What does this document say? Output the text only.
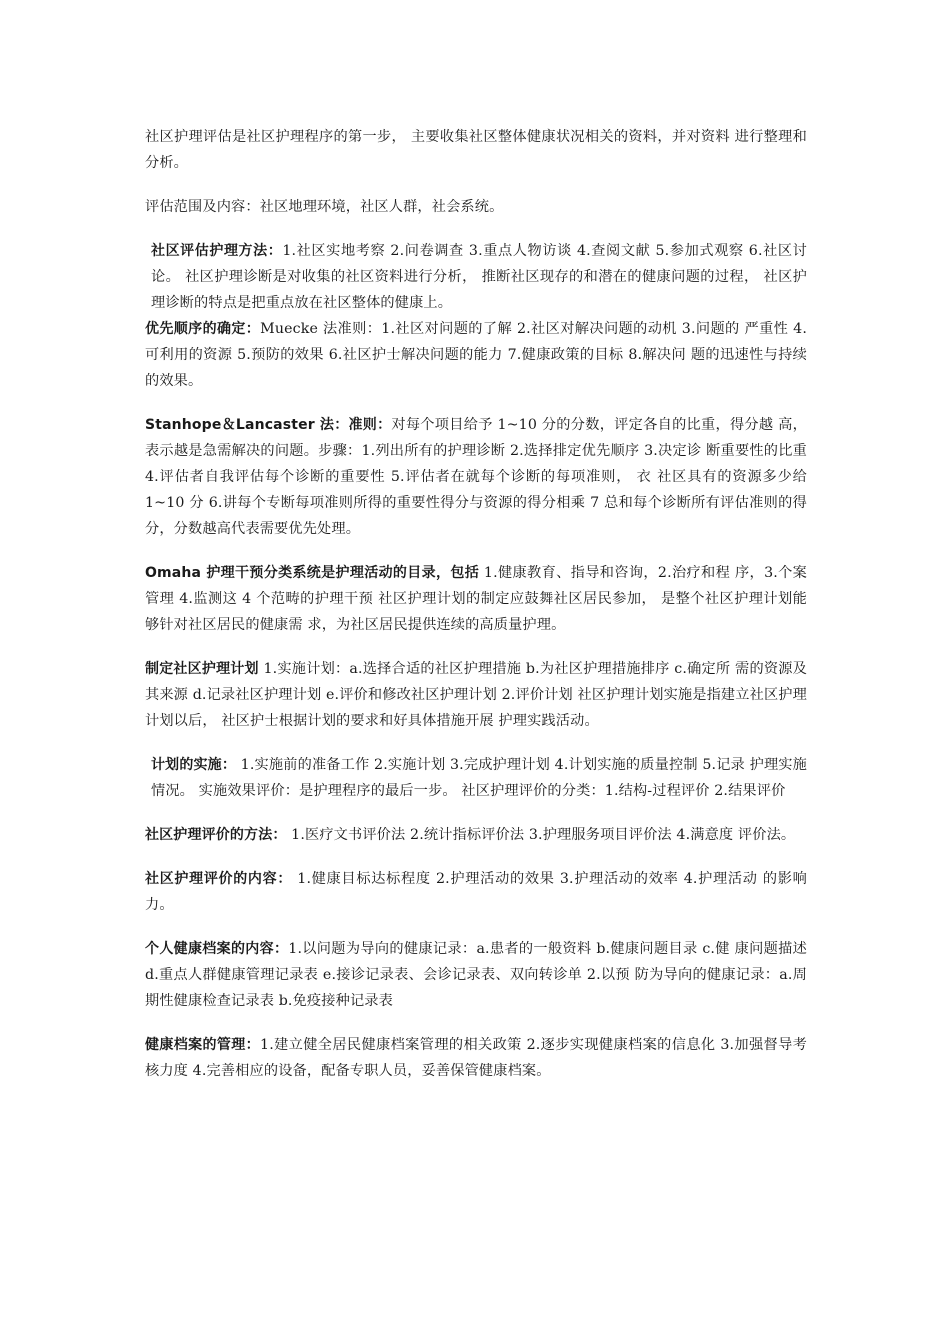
社区护理评估是社区护理程序的第一步， 主要收集社区整体健康状况相关的资料，并对资料 进行整理和分析。

评估范围及内容：社区地理环境，社区人群，社会系统。

社区评估护理方法：1.社区实地考察 2.问卷调查 3.重点人物访谈 4.查阅文献 5.参加式观察 6.社区讨论。 社区护理诊断是对收集的社区资料进行分析， 推断社区现存的和潜在的健康问题的过程， 社区护理诊断的特点是把重点放在社区整体的健康上。

优先顺序的确定：Muecke 法准则：1.社区对问题的了解 2.社区对解决问题的动机 3.问题的 严重性 4.可利用的资源 5.预防的效果 6.社区护士解决问题的能力 7.健康政策的目标 8.解决问 题的迅速性与持续的效果。

Stanhope＆Lancaster 法：准则：对每个项目给予 1~10 分的分数，评定各自的比重，得分越 高，表示越是急需解决的问题。步骤：1.列出所有的护理诊断 2.选择排定优先顺序 3.决定诊 断重要性的比重 4.评估者自我评估每个诊断的重要性 5.评估者在就每个诊断的每项准则， 衣 社区具有的资源多少给 1~10 分 6.讲每个专断每项准则所得的重要性得分与资源的得分相乘 7 总和每个诊断所有评估准则的得分，分数越高代表需要优先处理。

Omaha 护理干预分类系统是护理活动的目录，包括 1.健康教育、指导和咨询，2.治疗和程 序，3.个案管理 4.监测这 4 个范畴的护理干预 社区护理计划的制定应鼓舞社区居民参加， 是整个社区护理计划能够针对社区居民的健康需 求，为社区居民提供连续的高质量护理。

制定社区护理计划 1.实施计划：a.选择合适的社区护理措施 b.为社区护理措施排序 c.确定所 需的资源及其来源 d.记录社区护理计划 e.评价和修改社区护理计划 2.评价计划 社区护理计划实施是指建立社区护理计划以后， 社区护士根据计划的要求和好具体措施开展 护理实践活动。

计划的实施： 1.实施前的准备工作 2.实施计划 3.完成护理计划 4.计划实施的质量控制 5.记录 护理实施情况。 实施效果评价：是护理程序的最后一步。 社区护理评价的分类：1.结构-过程评价 2.结果评价

社区护理评价的方法： 1.医疗文书评价法 2.统计指标评价法 3.护理服务项目评价法 4.满意度 评价法。

社区护理评价的内容： 1.健康目标达标程度 2.护理活动的效果 3.护理活动的效率 4.护理活动 的影响力。

个人健康档案的内容：1.以问题为导向的健康记录：a.患者的一般资料 b.健康问题目录 c.健 康问题描述 d.重点人群健康管理记录表 e.接诊记录表、会诊记录表、双向转诊单 2.以预 防为导向的健康记录：a.周期性健康检查记录表 b.免疫接种记录表

健康档案的管理：1.建立健全居民健康档案管理的相关政策 2.逐步实现健康档案的信息化 3.加强督导考核力度 4.完善相应的设备，配备专职人员，妥善保管健康档案。
